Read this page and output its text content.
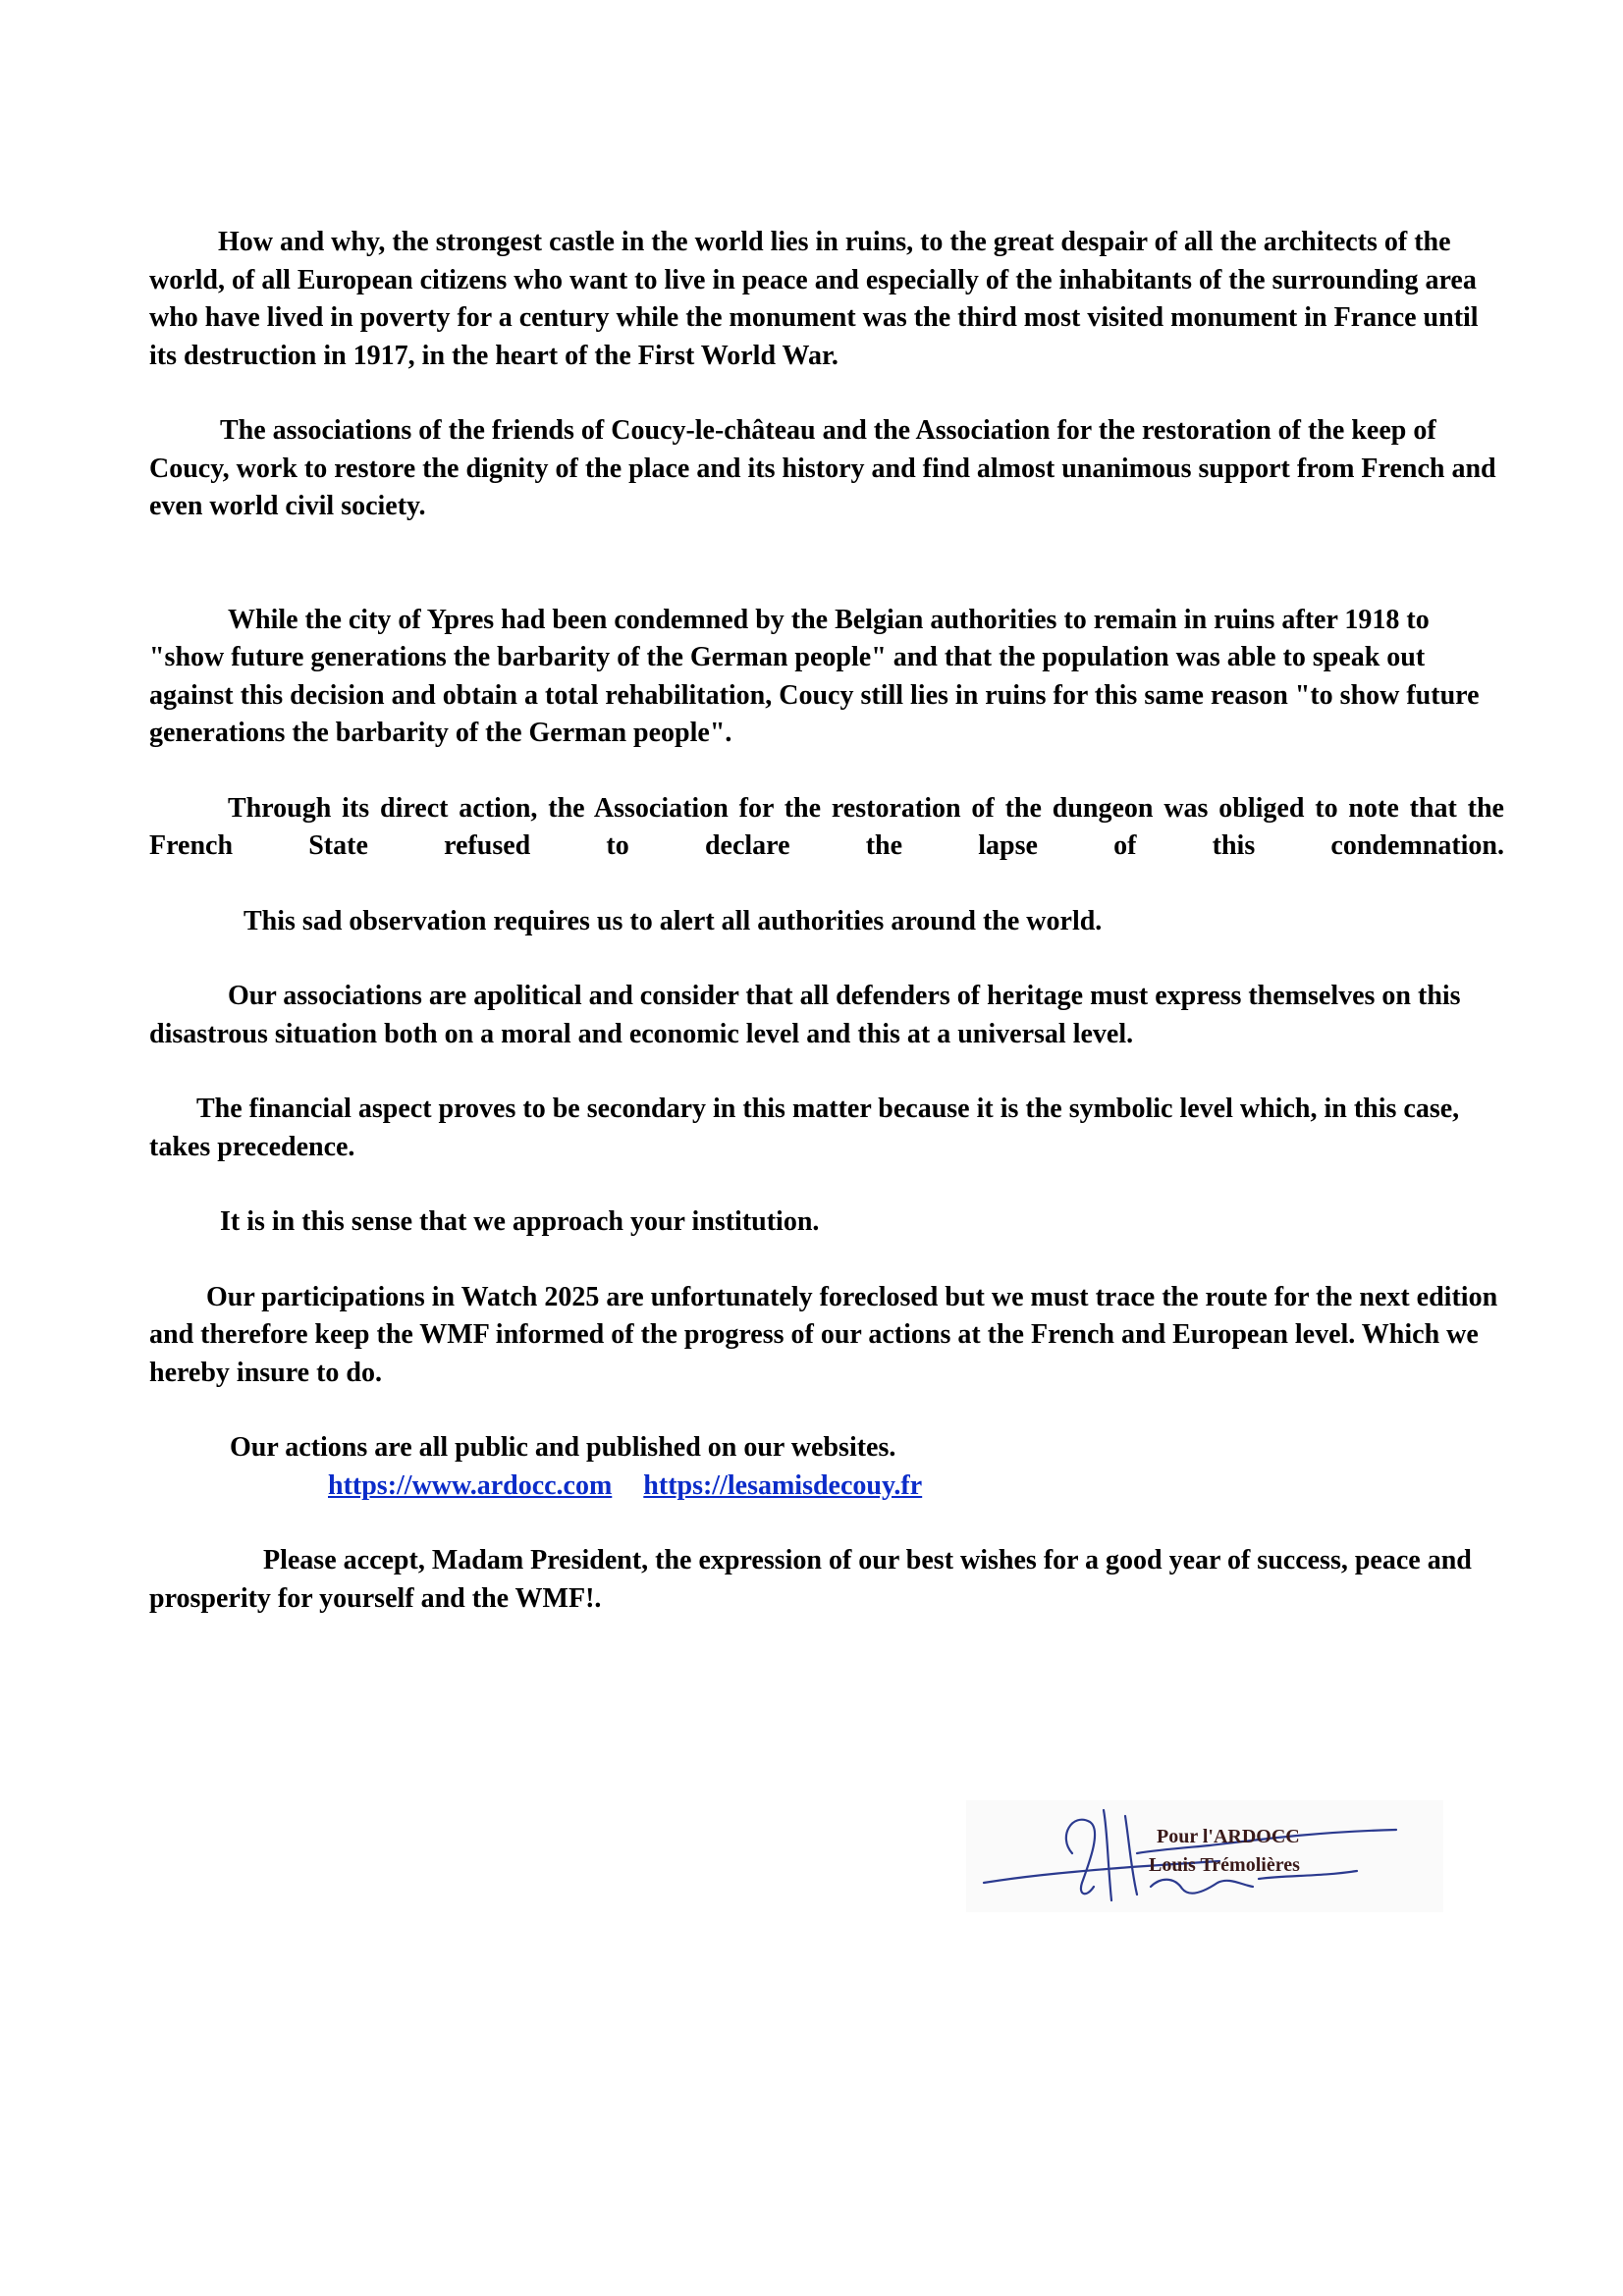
How and why, the strongest castle in the world lies in ruins, to the great despair of all the architects of the world, of all European citizens who want to live in peace and especially of the inhabitants of the surrounding area who have lived in poverty for a century while the monument was the third most visited monument in France until its destruction in 1917, in the heart of the First World War.

The associations of the friends of Coucy-le-château and the Association for the restoration of the keep of Coucy, work to restore the dignity of the place and its history and find almost unanimous support from French and even world civil society.

While the city of Ypres had been condemned by the Belgian authorities to remain in ruins after 1918 to "show future generations the barbarity of the German people" and that the population was able to speak out against this decision and obtain a total rehabilitation, Coucy still lies in ruins for this same reason "to show future generations the barbarity of the German people".

Through its direct action, the Association for the restoration of the dungeon was obliged to note that the French State refused to declare the lapse of this condemnation.

This sad observation requires us to alert all authorities around the world.

Our associations are apolitical and consider that all defenders of heritage must express themselves on this disastrous situation both on a moral and economic level and this at a universal level.

The financial aspect proves to be secondary in this matter because it is the symbolic level which, in this case, takes precedence.

It is in this sense that we approach your institution.

Our participations in Watch 2025 are unfortunately foreclosed but we must trace the route for the next edition and therefore keep the WMF informed of the progress of our actions at the French and European level. Which we hereby insure to do.

Our actions are all public and published on our websites.

https://www.ardocc.com https://lesamisdecouy.fr

Please accept, Madam President, the expression of our best wishes for a good year of success, peace and prosperity for yourself and the WMF!.

Pour l'ARDOCC
Louis Trémolières
